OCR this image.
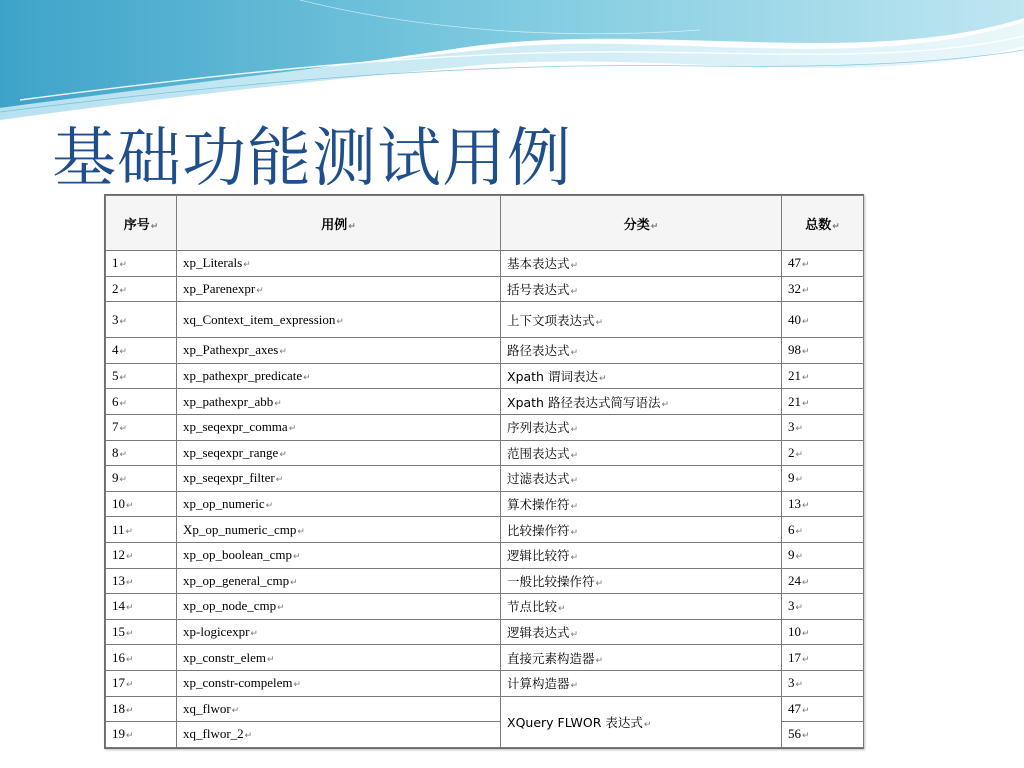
基础功能测试用例
序号↵	用例↵	分类↵	总数↵
1↵	xp_Literals↵	基本表达式↵	47↵
2↵	xp_Parenexpr↵	括号表达式↵	32↵
3↵	xq_Context_item_expression↵	上下文项表达式↵	40↵
4↵	xp_Pathexpr_axes↵	路径表达式↵	98↵
5↵	xp_pathexpr_predicate↵	Xpath 谓词表达↵	21↵
6↵	xp_pathexpr_abb↵	Xpath 路径表达式简写语法↵	21↵
7↵	xp_seqexpr_comma↵	序列表达式↵	3↵
8↵	xp_seqexpr_range↵	范围表达式↵	2↵
9↵	xp_seqexpr_filter↵	过滤表达式↵	9↵
10↵	xp_op_numeric↵	算术操作符↵	13↵
11↵	Xp_op_numeric_cmp↵	比较操作符↵	6↵
12↵	xp_op_boolean_cmp↵	逻辑比较符↵	9↵
13↵	xp_op_general_cmp↵	一般比较操作符↵	24↵
14↵	xp_op_node_cmp↵	节点比较↵	3↵
15↵	xp-logicexpr↵	逻辑表达式↵	10↵
16↵	xp_constr_elem↵	直接元素构造器↵	17↵
17↵	xp_constr-compelem↵	计算构造器↵	3↵
18↵	xq_flwor↵	XQuery FLWOR 表达式↵	47↵
19↵	xq_flwor_2↵		56↵
